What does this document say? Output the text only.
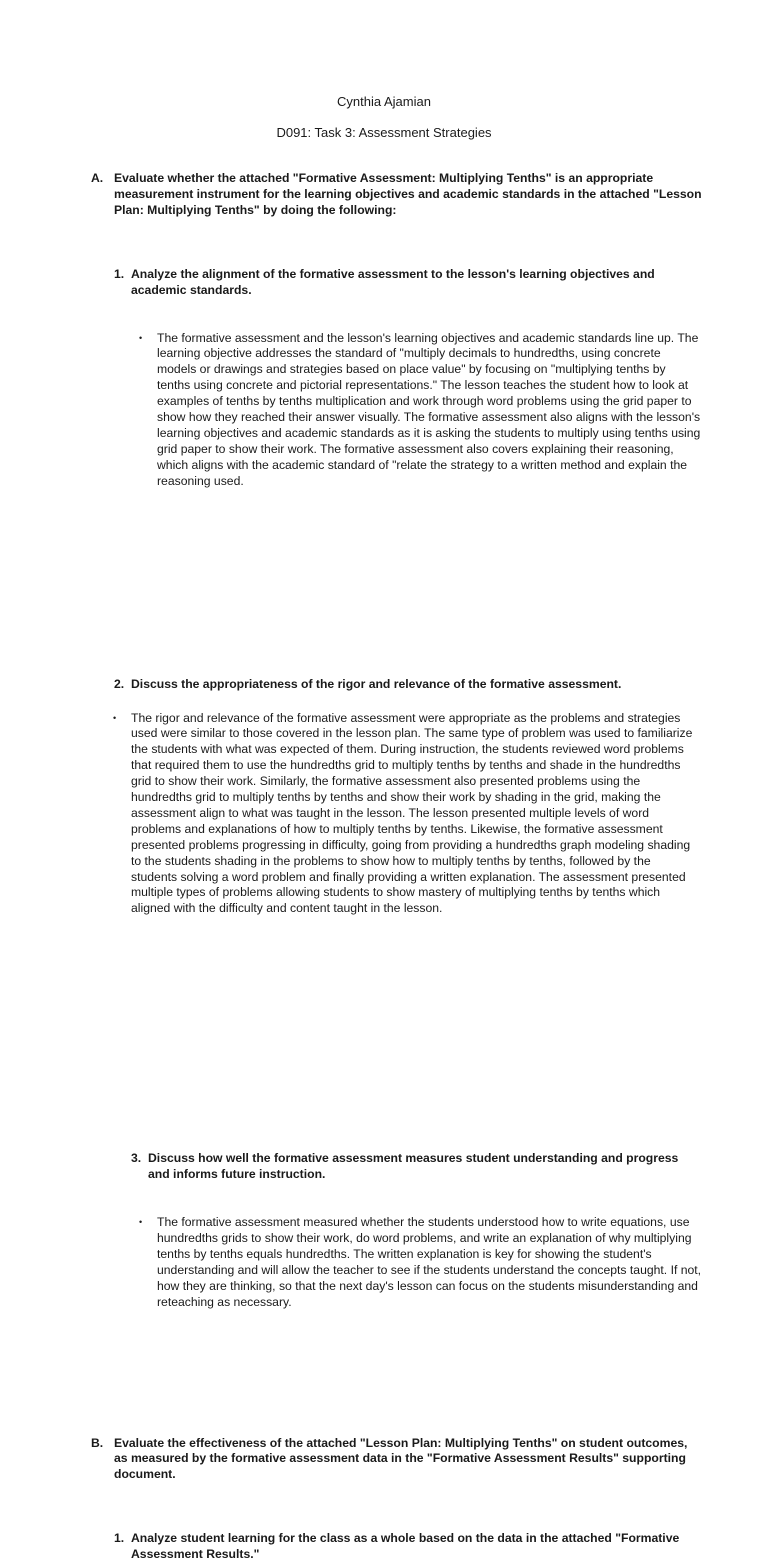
Cynthia Ajamian
D091: Task 3: Assessment Strategies
A. Evaluate whether the attached "Formative Assessment: Multiplying Tenths" is an appropriate measurement instrument for the learning objectives and academic standards in the attached "Lesson Plan: Multiplying Tenths" by doing the following:
1. Analyze the alignment of the formative assessment to the lesson's learning objectives and academic standards.
• The formative assessment and the lesson's learning objectives and academic standards line up. The learning objective addresses the standard of "multiply decimals to hundredths, using concrete models or drawings and strategies based on place value" by focusing on "multiplying tenths by tenths using concrete and pictorial representations." The lesson teaches the student how to look at examples of tenths by tenths multiplication and work through word problems using the grid paper to show how they reached their answer visually. The formative assessment also aligns with the lesson's learning objectives and academic standards as it is asking the students to multiply using tenths using grid paper to show their work. The formative assessment also covers explaining their reasoning, which aligns with the academic standard of "relate the strategy to a written method and explain the reasoning used.
2. Discuss the appropriateness of the rigor and relevance of the formative assessment.
• The rigor and relevance of the formative assessment were appropriate as the problems and strategies used were similar to those covered in the lesson plan. The same type of problem was used to familiarize the students with what was expected of them. During instruction, the students reviewed word problems that required them to use the hundredths grid to multiply tenths by tenths and shade in the hundredths grid to show their work. Similarly, the formative assessment also presented problems using the hundredths grid to multiply tenths by tenths and show their work by shading in the grid, making the assessment align to what was taught in the lesson. The lesson presented multiple levels of word problems and explanations of how to multiply tenths by tenths. Likewise, the formative assessment presented problems progressing in difficulty, going from providing a hundredths graph modeling shading to the students shading in the problems to show how to multiply tenths by tenths, followed by the students solving a word problem and finally providing a written explanation. The assessment presented multiple types of problems allowing students to show mastery of multiplying tenths by tenths which aligned with the difficulty and content taught in the lesson.
3. Discuss how well the formative assessment measures student understanding and progress and informs future instruction.
• The formative assessment measured whether the students understood how to write equations, use hundredths grids to show their work, do word problems, and write an explanation of why multiplying tenths by tenths equals hundredths. The written explanation is key for showing the student's understanding and will allow the teacher to see if the students understand the concepts taught. If not, how they are thinking, so that the next day's lesson can focus on the students misunderstanding and reteaching as necessary.
B. Evaluate the effectiveness of the attached "Lesson Plan: Multiplying Tenths" on student outcomes, as measured by the formative assessment data in the "Formative Assessment Results" supporting document.
1. Analyze student learning for the class as a whole based on the data in the attached "Formative Assessment Results."
